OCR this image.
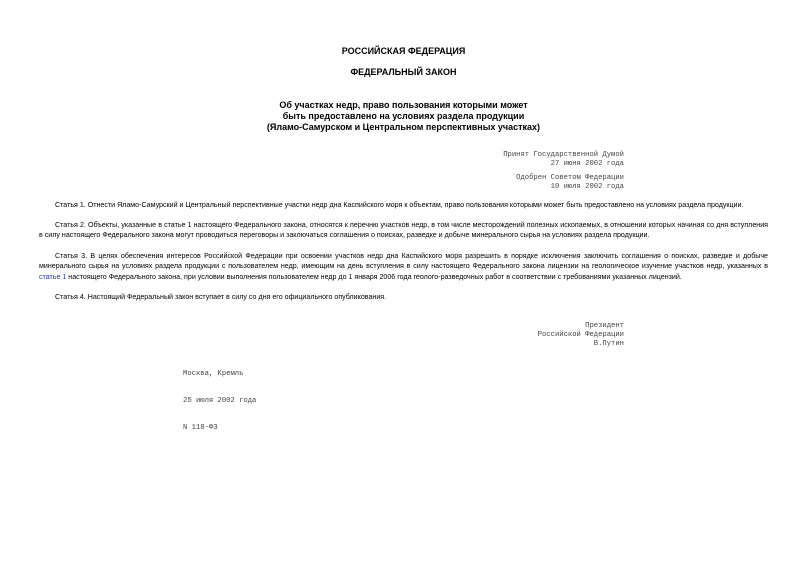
РОССИЙСКАЯ ФЕДЕРАЦИЯ
ФЕДЕРАЛЬНЫЙ ЗАКОН
Об участках недр, право пользования которыми может
быть предоставлено на условиях раздела продукции
(Яламо-Самурском и Центральном перспективных участках)
Принят Государственной Думой
27 июня 2002 года
Одобрен Советом Федерации
10 июля 2002 года
Статья 1. Отнести Яламо-Самурский и Центральный перспективные участки недр дна Каспийского моря к объектам, право пользования которыми может быть предоставлено на условиях раздела продукции.
Статья 2. Объекты, указанные в статье 1 настоящего Федерального закона, относятся к перечню участков недр, в том числе месторождений полезных ископаемых, в отношении которых начиная со дня вступления в силу настоящего Федерального закона могут проводиться переговоры и заключаться соглашения о поисках, разведке и добыче минерального сырья на условиях раздела продукции.
Статья 3. В целях обеспечения интересов Российской Федерации при освоении участков недр дна Каспийского моря разрешить в порядке исключения заключить соглашения о поисках, разведке и добыче минерального сырья на условиях раздела продукции с пользователем недр, имеющим на день вступления в силу настоящего Федерального закона лицензии на геологическое изучение участков недр, указанных в статье 1 настоящего Федерального закона, при условии выполнения пользователем недр до 1 января 2006 года геолого-разведочных работ в соответствии с требованиями указанных лицензий.
Статья 4. Настоящий Федеральный закон вступает в силу со дня его официального опубликования.
Президент
Российской Федерации
В.Путин

Москва, Кремль

25 июля 2002 года

N 118-ФЗ
